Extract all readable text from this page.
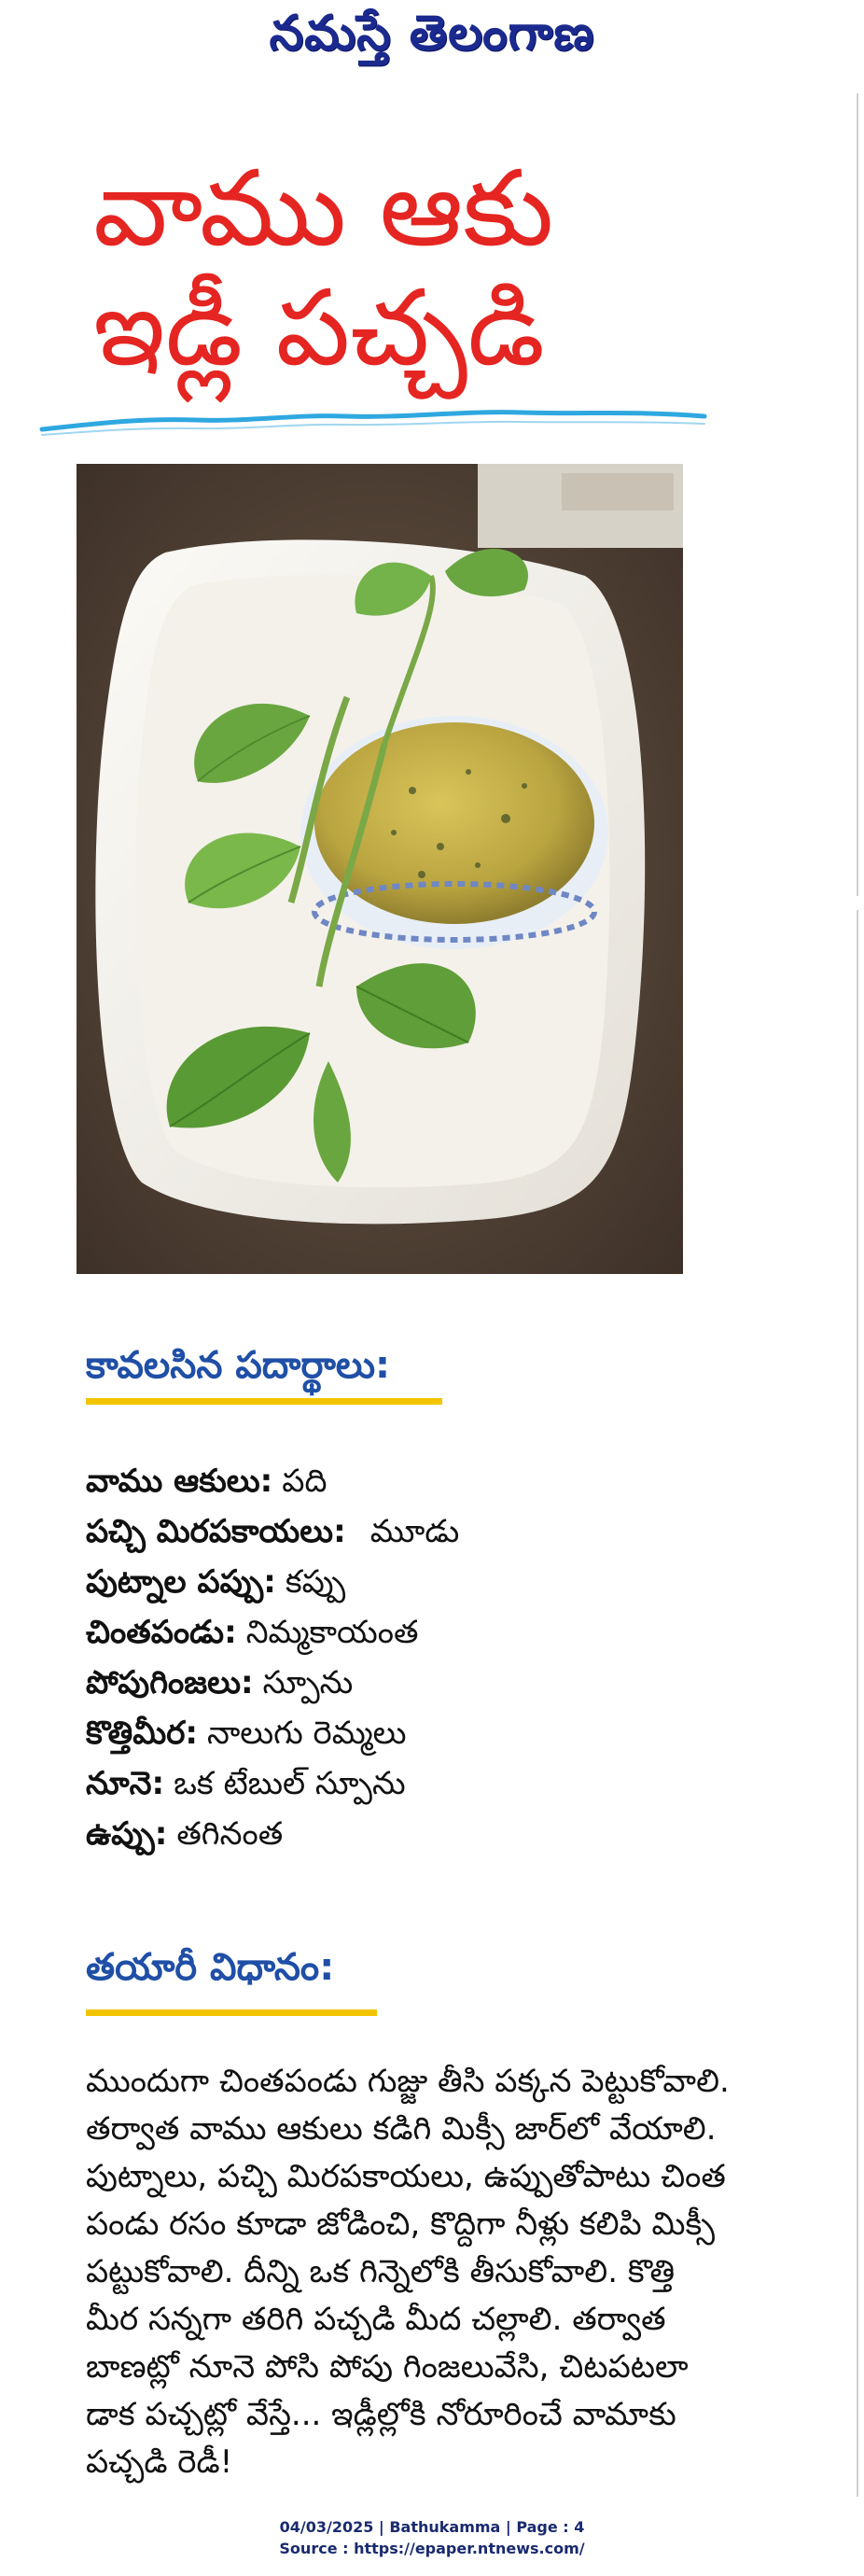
నమస్తే తెలంగాణ
వాము ఆకు
ఇడ్లీ పచ్చడి
కావలసిన పదార్థాలు:
వాము ఆకులు: పది
పచ్చి మిరపకాయలు: మూడు
పుట్నాల పప్పు: కప్పు
చింతపండు: నిమ్మకాయంత
పోపుగింజలు: స్పూను
కొత్తిమీర: నాలుగు రెమ్మలు
నూనె: ఒక టేబుల్ స్పూను
ఉప్పు: తగినంత
తయారీ విధానం:
ముందుగా చింతపండు గుజ్జు తీసి పక్కన పెట్టుకోవాలి.
తర్వాత వాము ఆకులు కడిగి మిక్సీ జార్‌లో వేయాలి.
పుట్నాలు, పచ్చి మిరపకాయలు, ఉప్పుతోపాటు చింత
పండు రసం కూడా జోడించి, కొద్దిగా నీళ్లు కలిపి మిక్సీ
పట్టుకోవాలి. దీన్ని ఒక గిన్నెలోకి తీసుకోవాలి. కొత్తి
మీర సన్నగా తరిగి పచ్చడి మీద చల్లాలి. తర్వాత
బాణట్లో నూనె పోసి పోపు గింజలువేసి, చిటపటలా
డాక పచ్చట్లో వేస్తే... ఇడ్లీల్లోకి నోరూరించే వామాకు
పచ్చడి రెడీ!
04/03/2025 | Bathukamma | Page : 4
Source : https://epaper.ntnews.com/
